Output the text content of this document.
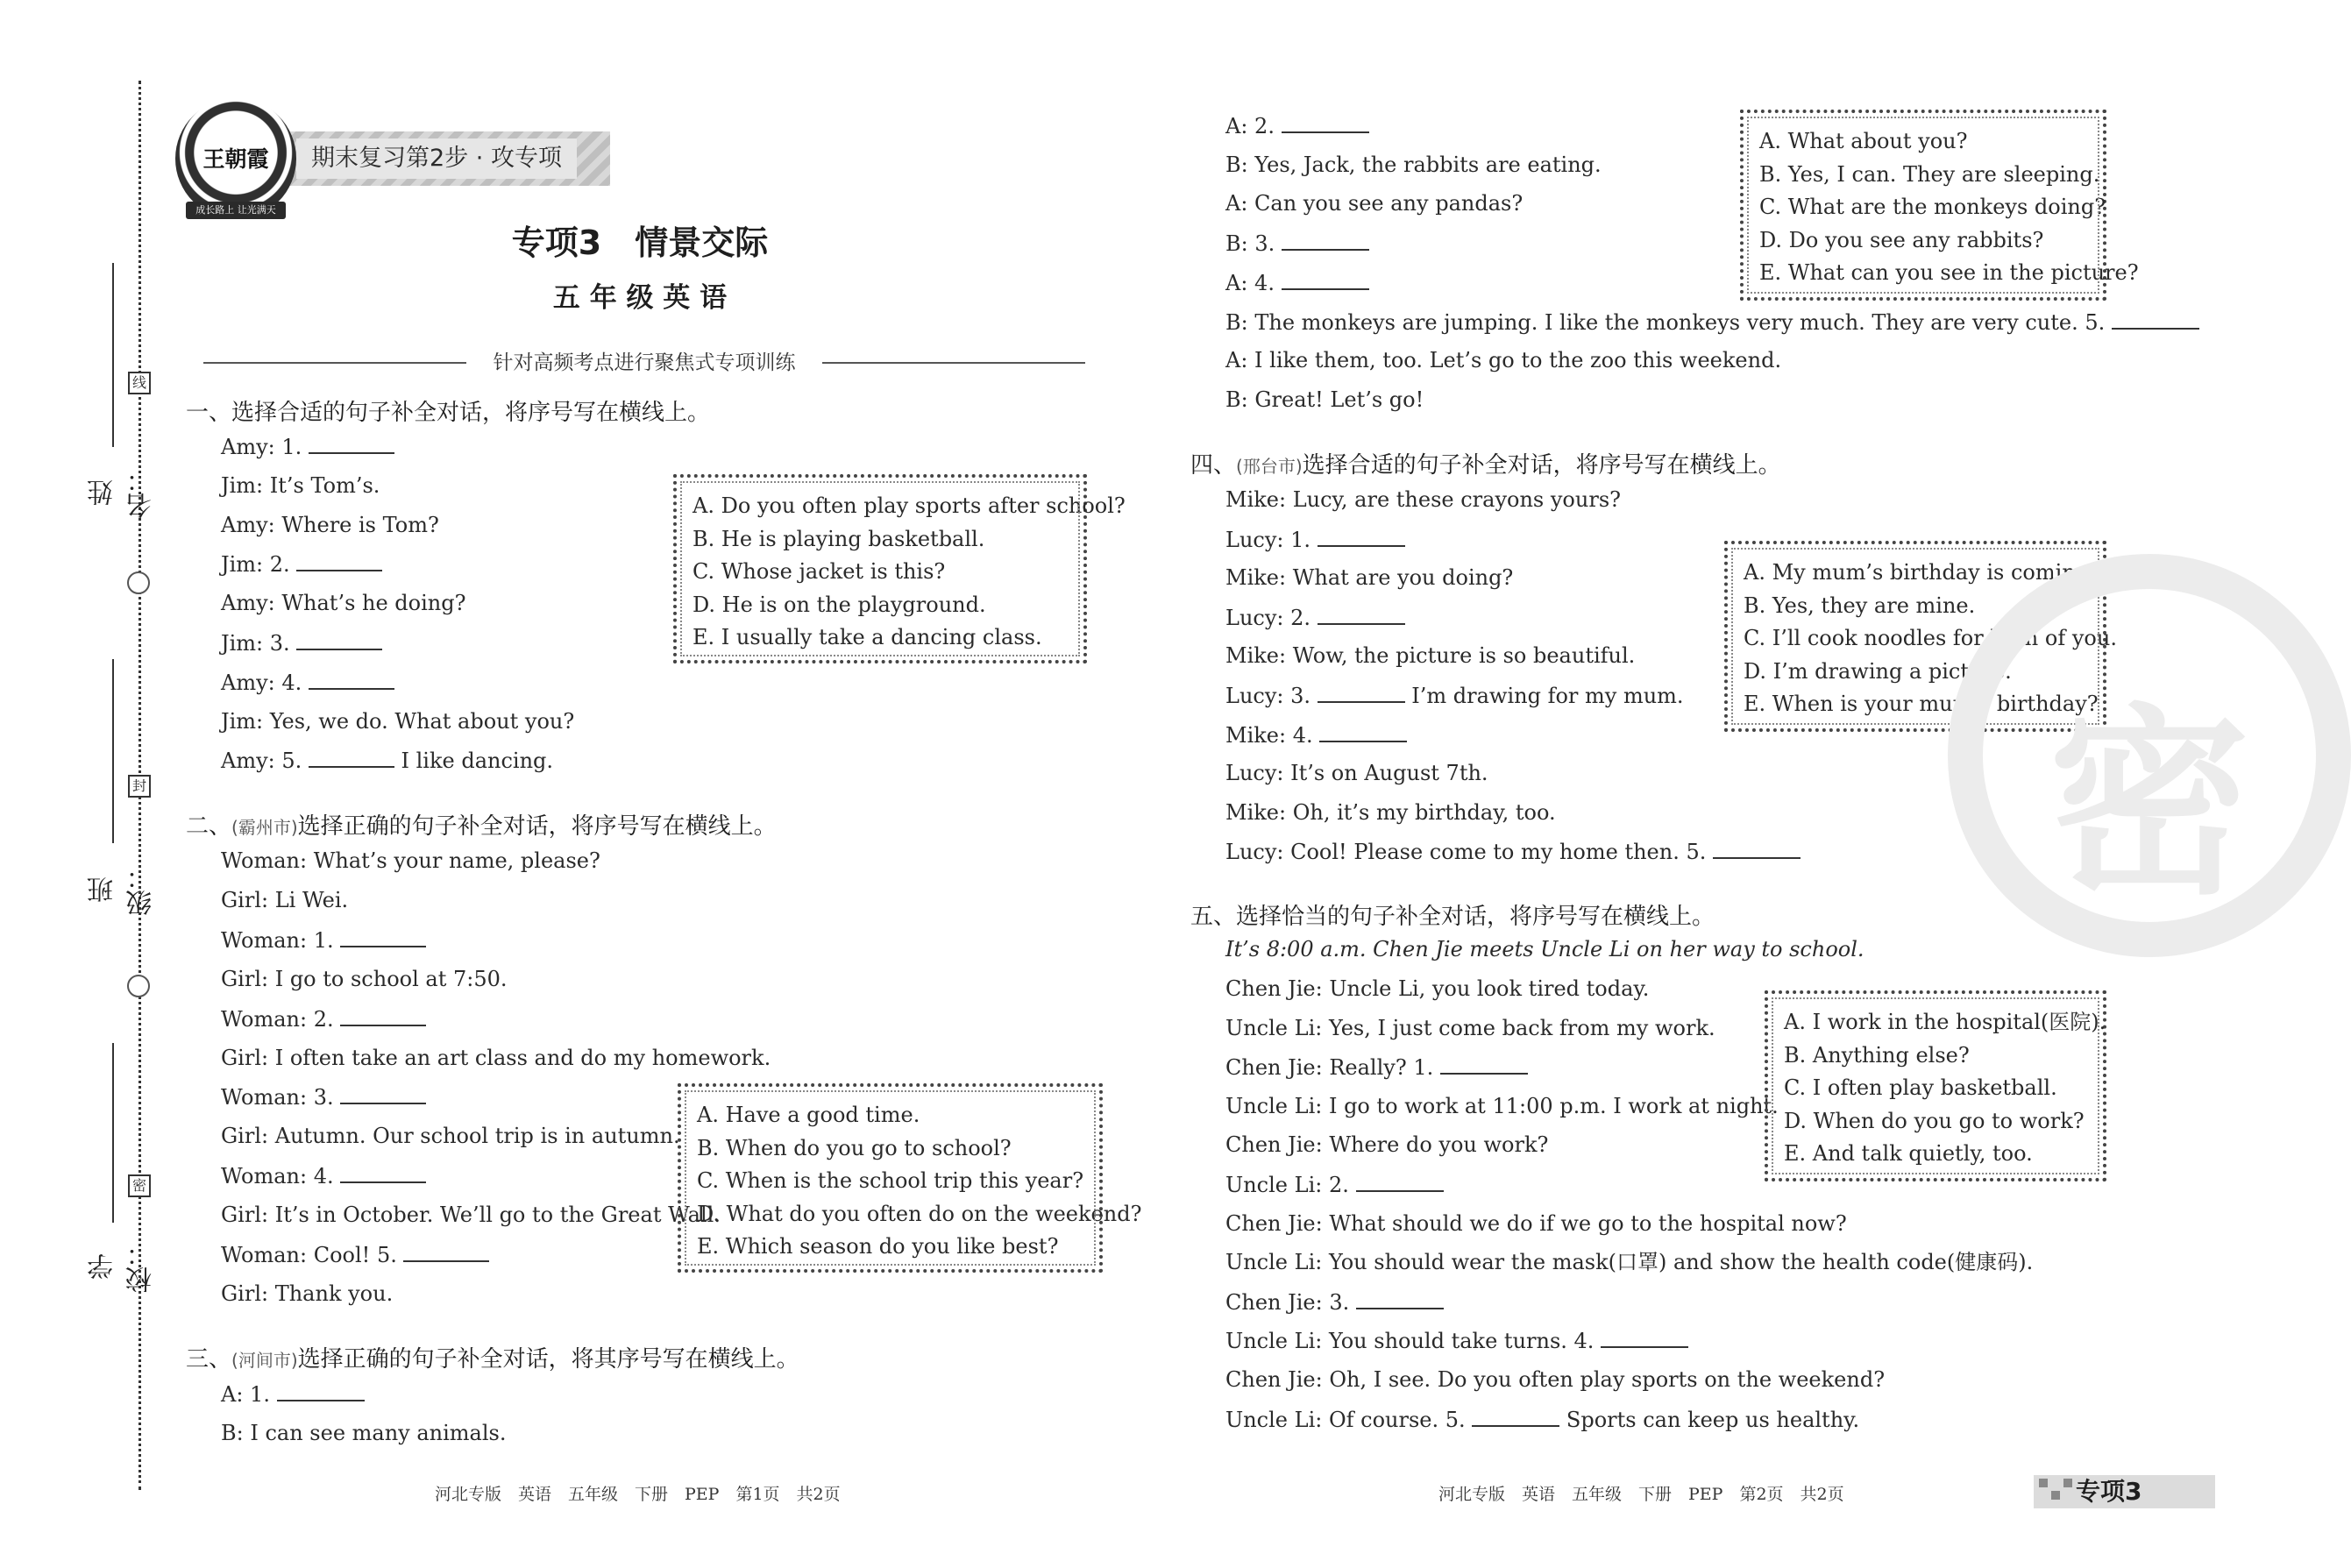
姓名：
班级：
学校：
线
封
密
期末复习第2步 · 攻专项
王朝霞
成长路上 让光满天
专项3　情景交际
五 年 级 英 语
针对高频考点进行聚焦式专项训练
一、选择合适的句子补全对话，将序号写在横线上。
Amy: 1.
Jim: It’s Tom’s.
Amy: Where is Tom?
Jim: 2.
Amy: What’s he doing?
Jim: 3.
Amy: 4.
Jim: Yes, we do. What about you?
Amy: 5.	I like dancing.
A. Do you often play sports after school?
B. He is playing basketball.
C. Whose jacket is this?
D. He is on the playground.
E. I usually take a dancing class.
二、(霸州市)选择正确的句子补全对话，将序号写在横线上。
Woman: What’s your name, please?
Girl: Li Wei.
Woman: 1.
Girl: I go to school at 7:50.
Woman: 2.
Girl: I often take an art class and do my homework.
Woman: 3.
Girl: Autumn. Our school trip is in autumn.
Woman: 4.
Girl: It’s in October. We’ll go to the Great Wall.
Woman: Cool! 5.
Girl: Thank you.
A. Have a good time.
B. When do you go to school?
C. When is the school trip this year?
D. What do you often do on the weekend?
E. Which season do you like best?
三、(河间市)选择正确的句子补全对话，将其序号写在横线上。
A: 1.
B: I can see many animals.
A: 2.
B: Yes, Jack, the rabbits are eating.
A: Can you see any pandas?
B: 3.
A: 4.
B: The monkeys are jumping. I like the monkeys very much. They are very cute. 5.
A: I like them, too. Let’s go to the zoo this weekend.
B: Great! Let’s go!
A. What about you?
B. Yes, I can. They are sleeping.
C. What are the monkeys doing?
D. Do you see any rabbits?
E. What can you see in the picture?
四、(邢台市)选择合适的句子补全对话，将序号写在横线上。
Mike: Lucy, are these crayons yours?
Lucy: 1.
Mike: What are you doing?
Lucy: 2.
Mike: Wow, the picture is so beautiful.
Lucy: 3.	I’m drawing for my mum.
Mike: 4.
Lucy: It’s on August 7th.
Mike: Oh, it’s my birthday, too.
Lucy: Cool! Please come to my home then. 5.
A. My mum’s birthday is coming.
B. Yes, they are mine.
C. I’ll cook noodles for both of you.
D. I’m drawing a picture.
E. When is your mum’s birthday?
五、选择恰当的句子补全对话，将序号写在横线上。
It’s 8:00 a.m. Chen Jie meets Uncle Li on her way to school.
Chen Jie: Uncle Li, you look tired today.
Uncle Li: Yes, I just come back from my work.
Chen Jie: Really? 1.
Uncle Li: I go to work at 11:00 p.m. I work at night.
Chen Jie: Where do you work?
Uncle Li: 2.
Chen Jie: What should we do if we go to the hospital now?
Uncle Li: You should wear the mask(口罩) and show the health code(健康码).
Chen Jie: 3.
Uncle Li: You should take turns. 4.
Chen Jie: Oh, I see. Do you often play sports on the weekend?
Uncle Li: Of course. 5.	Sports can keep us healthy.
A. I work in the hospital(医院).
B. Anything else?
C. I often play basketball.
D. When do you go to work?
E. And talk quietly, too.
密
河北专版　英语　五年级　下册　PEP　第1页　共2页	河北专版　英语　五年级　下册　PEP　第2页　共2页	专项3
